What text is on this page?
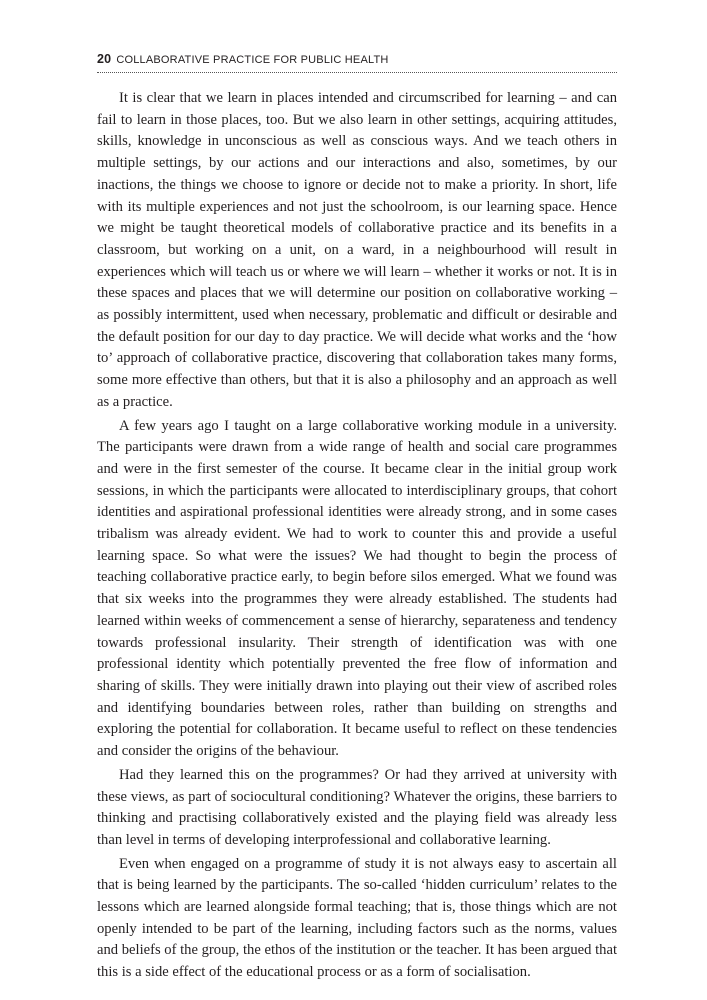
20 COLLABORATIVE PRACTICE FOR PUBLIC HEALTH

It is clear that we learn in places intended and circumscribed for learning – and can fail to learn in those places, too. But we also learn in other settings, acquiring attitudes, skills, knowledge in unconscious as well as conscious ways. And we teach others in multiple settings, by our actions and our interactions and also, sometimes, by our inactions, the things we choose to ignore or decide not to make a priority. In short, life with its multiple experiences and not just the schoolroom, is our learning space. Hence we might be taught theoretical models of collaborative practice and its benefits in a classroom, but working on a unit, on a ward, in a neighbourhood will result in experiences which will teach us or where we will learn – whether it works or not. It is in these spaces and places that we will determine our position on collaborative working – as possibly intermittent, used when necessary, problematic and difficult or desirable and the default position for our day to day practice. We will decide what works and the ‘how to’ approach of collaborative practice, discovering that collaboration takes many forms, some more effective than others, but that it is also a philosophy and an approach as well as a practice.

A few years ago I taught on a large collaborative working module in a university. The participants were drawn from a wide range of health and social care programmes and were in the first semester of the course. It became clear in the initial group work sessions, in which the participants were allocated to interdisciplinary groups, that cohort identities and aspirational professional identities were already strong, and in some cases tribalism was already evident. We had to work to counter this and provide a useful learning space. So what were the issues? We had thought to begin the process of teaching collaborative practice early, to begin before silos emerged. What we found was that six weeks into the programmes they were already established. The students had learned within weeks of commencement a sense of hierarchy, separateness and tendency towards professional insularity. Their strength of identification was with one professional identity which potentially prevented the free flow of information and sharing of skills. They were initially drawn into playing out their view of ascribed roles and identifying boundaries between roles, rather than building on strengths and exploring the potential for collaboration. It became useful to reflect on these tendencies and consider the origins of the behaviour.

Had they learned this on the programmes? Or had they arrived at university with these views, as part of sociocultural conditioning? Whatever the origins, these barriers to thinking and practising collaboratively existed and the playing field was already less than level in terms of developing interprofessional and collaborative learning.

Even when engaged on a programme of study it is not always easy to ascertain all that is being learned by the participants. The so-called ‘hidden curriculum’ relates to the lessons which are learned alongside formal teaching; that is, those things which are not openly intended to be part of the learning, including factors such as the norms, values and beliefs of the group, the ethos of the institution or the teacher. It has been argued that this is a side effect of the educational process or as a form of socialisation.
